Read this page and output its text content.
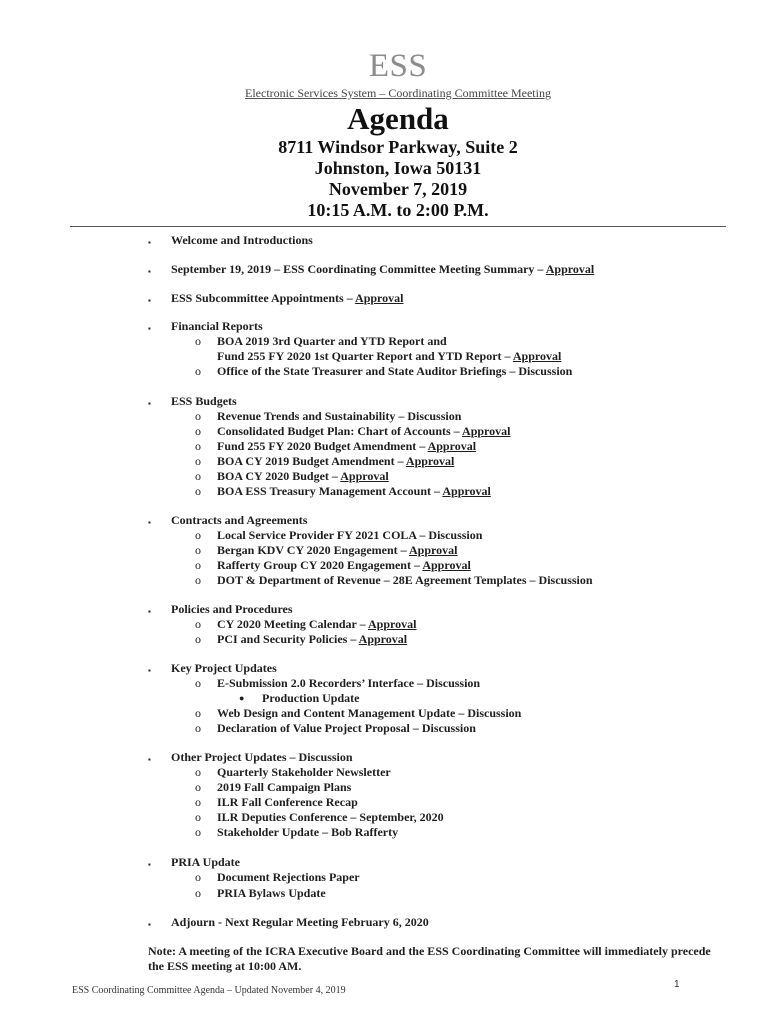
ESS
Electronic Services System – Coordinating Committee Meeting
Agenda
8711 Windsor Parkway, Suite 2
Johnston, Iowa 50131
November 7, 2019
10:15 A.M. to 2:00 P.M.
▪ Welcome and Introductions
▪ September 19, 2019 – ESS Coordinating Committee Meeting Summary – Approval
▪ ESS Subcommittee Appointments – Approval
▪ Financial Reports
o BOA 2019 3rd Quarter and YTD Report and
Fund 255 FY 2020 1st Quarter Report and YTD Report – Approval
o Office of the State Treasurer and State Auditor Briefings – Discussion
▪ ESS Budgets
o Revenue Trends and Sustainability – Discussion
o Consolidated Budget Plan: Chart of Accounts – Approval
o Fund 255 FY 2020 Budget Amendment – Approval
o BOA CY 2019 Budget Amendment – Approval
o BOA CY 2020 Budget – Approval
o BOA ESS Treasury Management Account – Approval
▪ Contracts and Agreements
o Local Service Provider FY 2021 COLA – Discussion
o Bergan KDV CY 2020 Engagement – Approval
o Rafferty Group CY 2020 Engagement – Approval
o DOT & Department of Revenue – 28E Agreement Templates – Discussion
▪ Policies and Procedures
o CY 2020 Meeting Calendar – Approval
o PCI and Security Policies – Approval
▪ Key Project Updates
o E-Submission 2.0 Recorders’ Interface – Discussion
● Production Update
o Web Design and Content Management Update – Discussion
o Declaration of Value Project Proposal – Discussion
▪ Other Project Updates – Discussion
o Quarterly Stakeholder Newsletter
o 2019 Fall Campaign Plans
o ILR Fall Conference Recap
o ILR Deputies Conference – September, 2020
o Stakeholder Update – Bob Rafferty
▪ PRIA Update
o Document Rejections Paper
o PRIA Bylaws Update
▪ Adjourn - Next Regular Meeting February 6, 2020
Note: A meeting of the ICRA Executive Board and the ESS Coordinating Committee will immediately precede the ESS meeting at 10:00 AM.
1
ESS Coordinating Committee Agenda – Updated November 4, 2019
